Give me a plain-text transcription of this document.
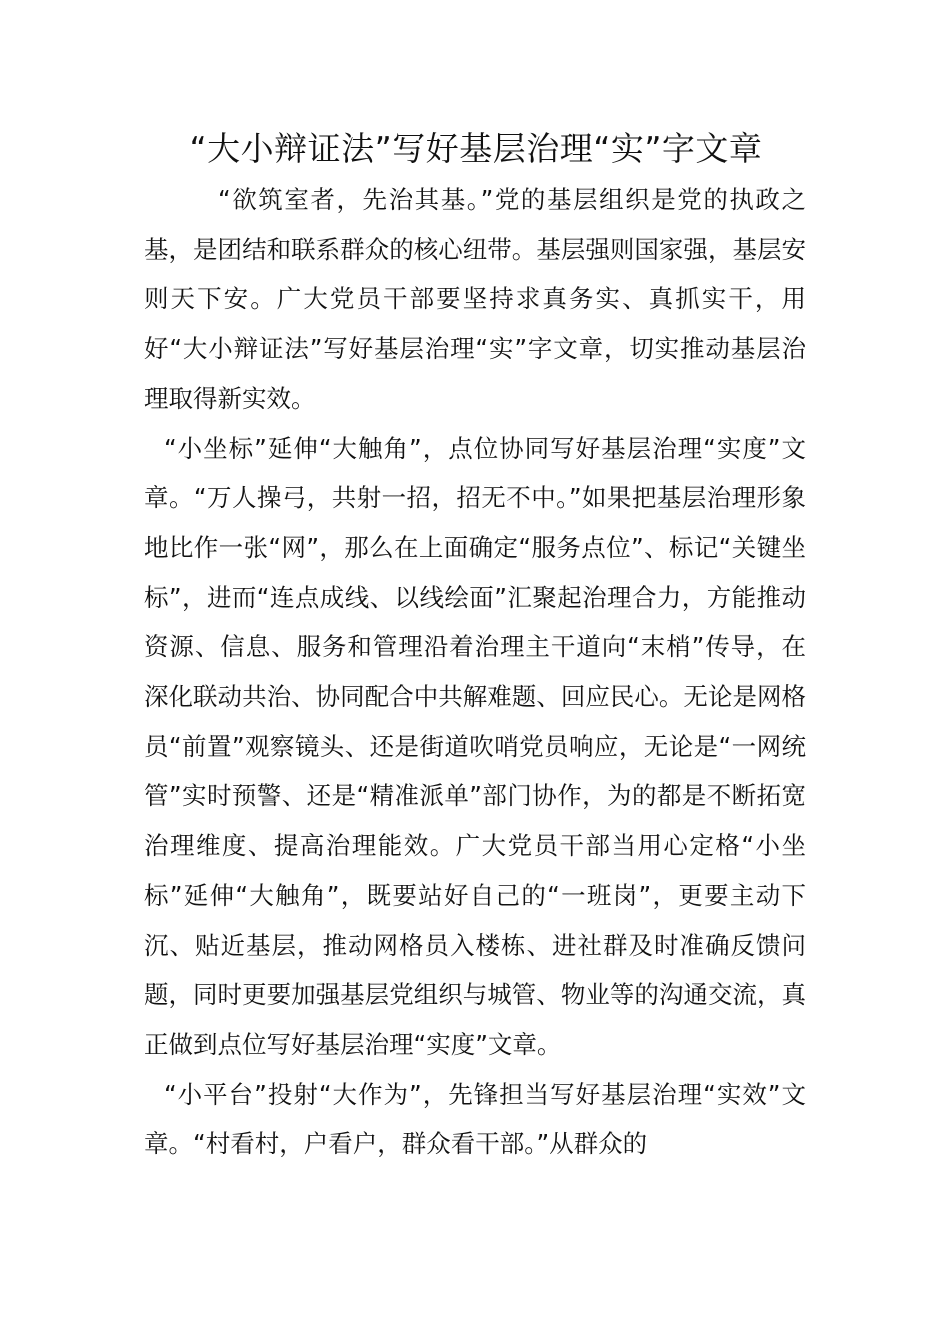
“大小辩证法”写好基层治理“实”字文章

“欲筑室者，先治其基。”党的基层组织是党的执政之基，是团结和联系群众的核心纽带。基层强则国家强，基层安则天下安。广大党员干部要坚持求真务实、真抓实干，用好“大小辩证法”写好基层治理“实”字文章，切实推动基层治理取得新实效。

“小坐标”延伸“大触角”，点位协同写好基层治理“实度”文章。“万人操弓，共射一招，招无不中。”如果把基层治理形象地比作一张“网”，那么在上面确定“服务点位”、标记“关键坐标”，进而“连点成线、以线绘面”汇聚起治理合力，方能推动资源、信息、服务和管理沿着治理主干道向“末梢”传导，在深化联动共治、协同配合中共解难题、回应民心。无论是网格员“前置”观察镜头、还是街道吹哨党员响应，无论是“一网统管”实时预警、还是“精准派单”部门协作，为的都是不断拓宽治理维度、提高治理能效。广大党员干部当用心定格“小坐标”延伸“大触角”，既要站好自己的“一班岗”，更要主动下沉、贴近基层，推动网格员入楼栋、进社群及时准确反馈问题，同时更要加强基层党组织与城管、物业等的沟通交流，真正做到点位写好基层治理“实度”文章。

“小平台”投射“大作为”，先锋担当写好基层治理“实效”文章。“村看村，户看户，群众看干部。”从群众的
